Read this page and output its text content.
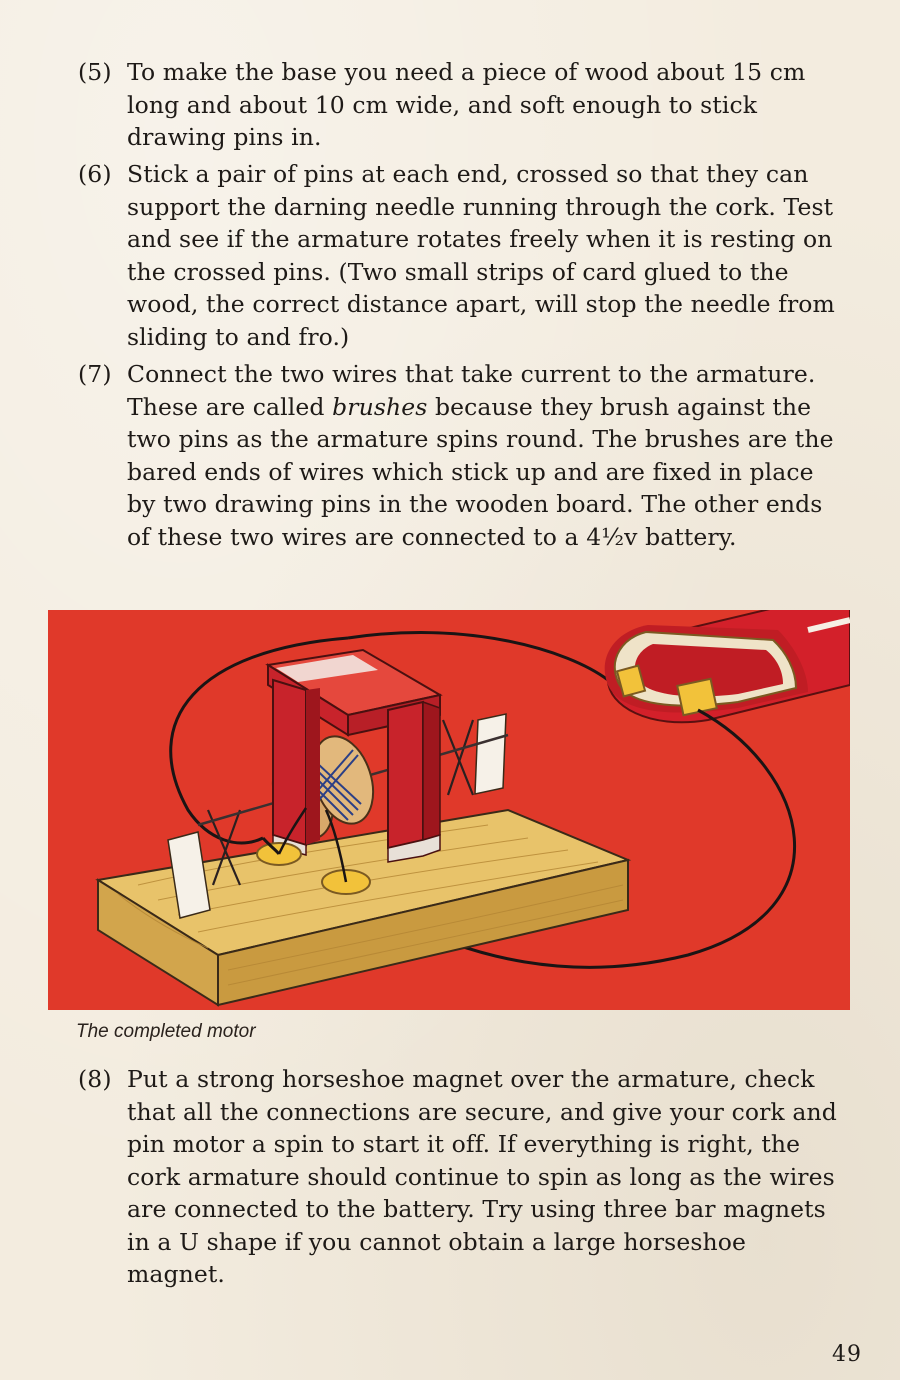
(5) To make the base you need a piece of wood about 15 cm long and about 10 cm wide, and soft enough to stick drawing pins in.
(6) Stick a pair of pins at each end, crossed so that they can support the darning needle running through the cork. Test and see if the armature rotates freely when it is resting on the crossed pins. (Two small strips of card glued to the wood, the correct distance apart, will stop the needle from sliding to and fro.)
(7) Connect the two wires that take current to the armature. These are called brushes because they brush against the two pins as the armature spins round. The brushes are the bared ends of wires which stick up and are fixed in place by two drawing pins in the wooden board. The other ends of these two wires are connected to a 4½v battery.
The completed motor
(8) Put a strong horseshoe magnet over the armature, check that all the connections are secure, and give your cork and pin motor a spin to start it off. If everything is right, the cork armature should continue to spin as long as the wires are connected to the battery. Try using three bar magnets in a U shape if you cannot obtain a large horseshoe magnet.
49
